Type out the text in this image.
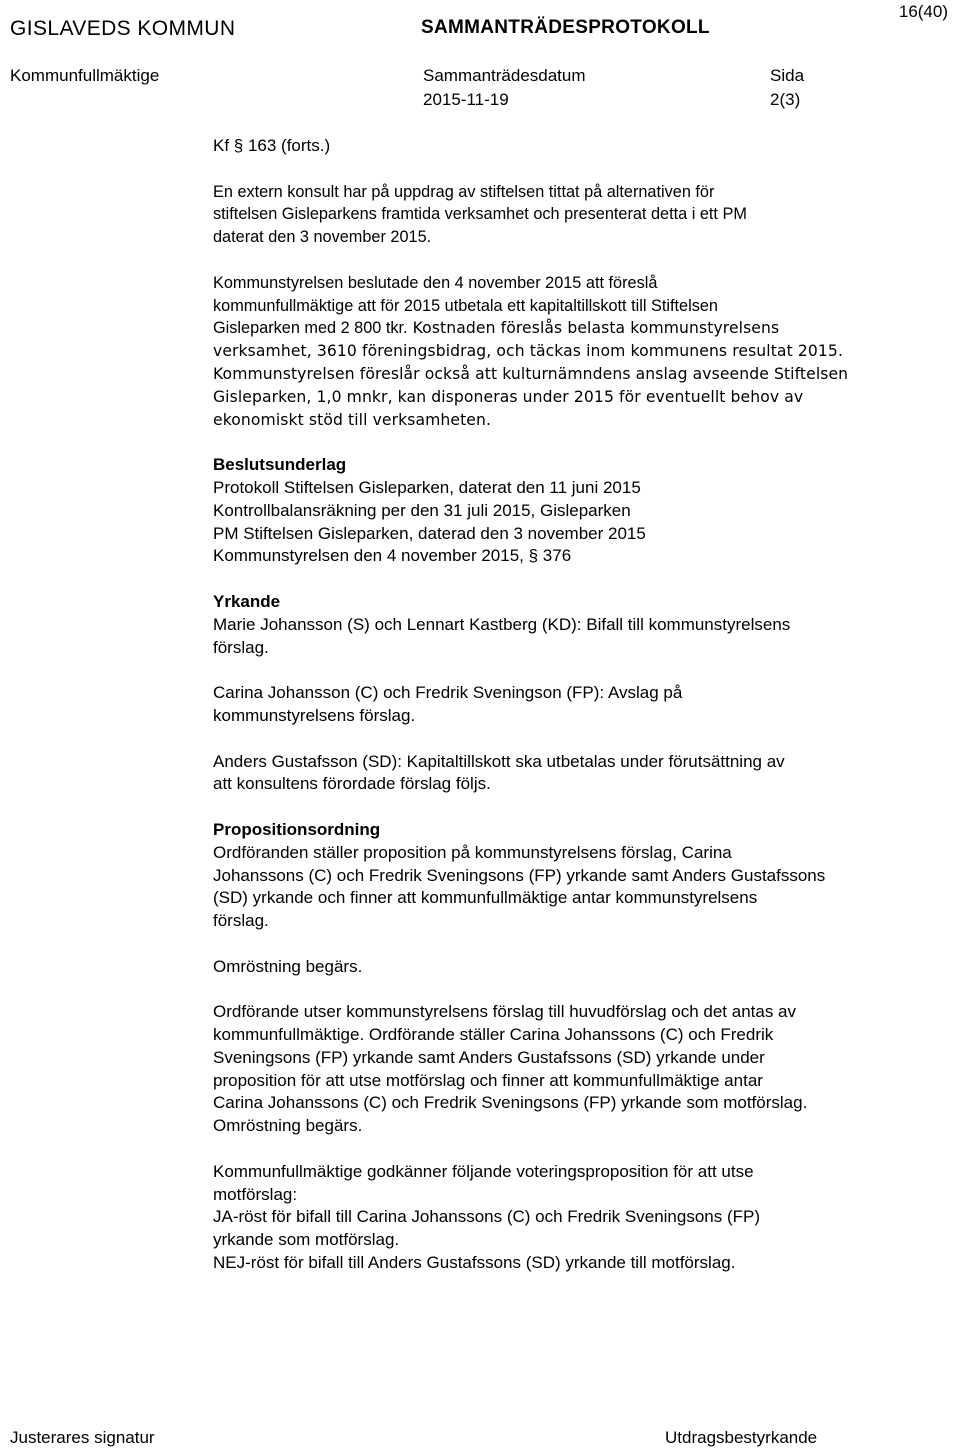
GISLAVEDS KOMMUN	SAMMANTRÄDESPROTOKOLL
16(40)
Kommunfullmäktige	Sammanträdesdatum
2015-11-19
Sida
2(3)

Kf § 163 (forts.)

En extern konsult har på uppdrag av stiftelsen tittat på alternativen för
stiftelsen Gisleparkens framtida verksamhet och presenterat detta i ett PM
daterat den 3 november 2015.

Kommunstyrelsen beslutade den 4 november 2015 att föreslå
kommunfullmäktige att för 2015 utbetala ett kapitaltillskott till Stiftelsen
Gisleparken med 2 800 tkr. Kostnaden föreslås belasta kommunstyrelsens
verksamhet, 3610 föreningsbidrag, och täckas inom kommunens resultat 2015.
Kommunstyrelsen föreslår också att kulturnämndens anslag avseende Stiftelsen
Gisleparken, 1,0 mnkr, kan disponeras under 2015 för eventuellt behov av
ekonomiskt stöd till verksamheten.

Beslutsunderlag

Protokoll Stiftelsen Gisleparken, daterat den 11 juni 2015

Kontrollbalansräkning per den 31 juli 2015, Gisleparken

PM Stiftelsen Gisleparken, daterad den 3 november 2015

Kommunstyrelsen den 4 november 2015, § 376

Yrkande

Marie Johansson (S) och Lennart Kastberg (KD): Bifall till kommunstyrelsens
förslag.

Carina Johansson (C) och Fredrik Sveningson (FP): Avslag på
kommunstyrelsens förslag.

Anders Gustafsson (SD): Kapitaltillskott ska utbetalas under förutsättning av
att konsultens förordade förslag följs.

Propositionsordning

Ordföranden ställer proposition på kommunstyrelsens förslag, Carina
Johanssons (C) och Fredrik Sveningsons (FP) yrkande samt Anders Gustafssons
(SD) yrkande och finner att kommunfullmäktige antar kommunstyrelsens
förslag.

Omröstning begärs.

Ordförande utser kommunstyrelsens förslag till huvudförslag och det antas av
kommunfullmäktige. Ordförande ställer Carina Johanssons (C) och Fredrik
Sveningsons (FP) yrkande samt Anders Gustafssons (SD) yrkande under
proposition för att utse motförslag och finner att kommunfullmäktige antar
Carina Johanssons (C) och Fredrik Sveningsons (FP) yrkande som motförslag.
Omröstning begärs.

Kommunfullmäktige godkänner följande voteringsproposition för att utse
motförslag:

JA-röst för bifall till Carina Johanssons (C) och Fredrik Sveningsons (FP)
yrkande som motförslag.

NEJ-röst för bifall till Anders Gustafssons (SD) yrkande till motförslag.

Justerares signatur	Utdragsbestyrkande
